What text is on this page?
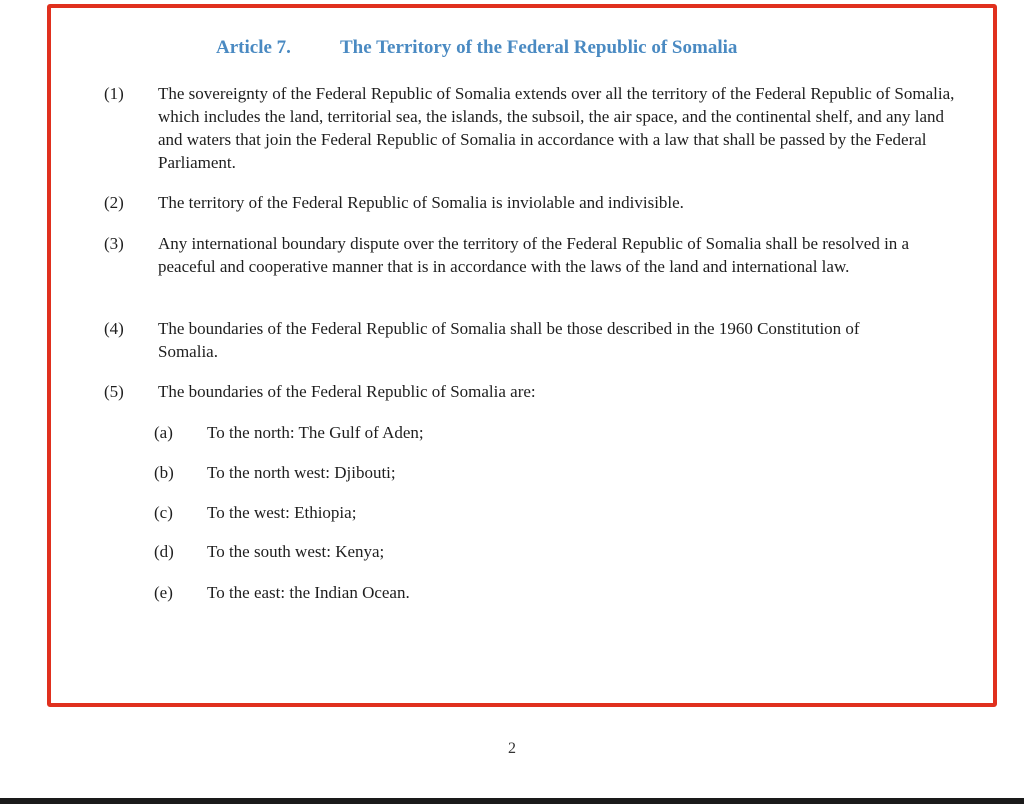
Article 7.	The Territory of the Federal Republic of Somalia
(1) The sovereignty of the Federal Republic of Somalia extends over all the territory of the Federal Republic of Somalia, which includes the land, territorial sea, the islands, the subsoil, the air space, and the continental shelf, and any land and waters that join the Federal Republic of Somalia in accordance with a law that shall be passed by the Federal Parliament.
(2) The territory of the Federal Republic of Somalia is inviolable and indivisible.
(3) Any international boundary dispute over the territory of the Federal Republic of Somalia shall be resolved in a peaceful and cooperative manner that is in accordance with the laws of the land and international law.
(4) The boundaries of the Federal Republic of Somalia shall be those described in the 1960 Constitution of Somalia.
(5) The boundaries of the Federal Republic of Somalia are:
(a) To the north: The Gulf of Aden;
(b) To the north west: Djibouti;
(c) To the west: Ethiopia;
(d) To the south west: Kenya;
(e) To the east: the Indian Ocean.
2
